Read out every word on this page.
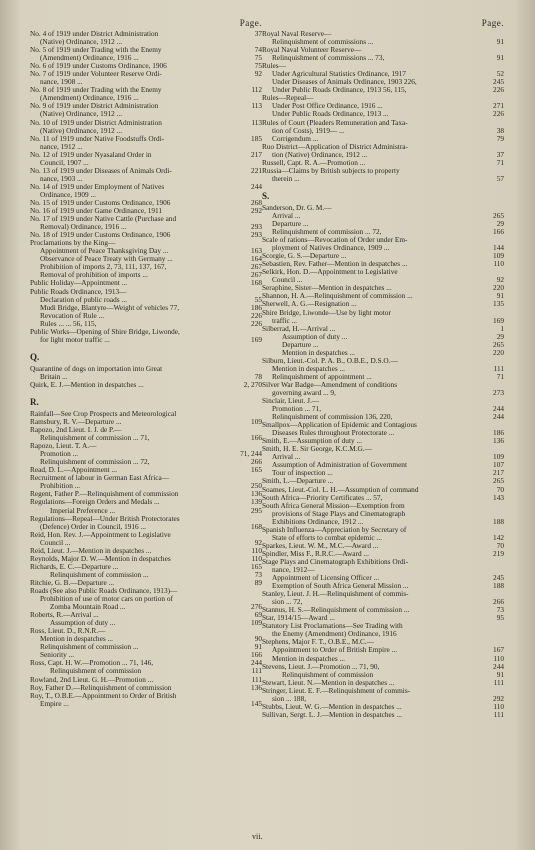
Page.
No. 4 of 1919 under District Administration	37
(Native) Ordinance, 1912 ...
No. 5 of 1919 under Trading with the Enemy	74
(Amendment) Ordinance, 1916 ...	75
No. 6 of 1919 under Customs Ordinance, 1906	75
No. 7 of 1919 under Volunteer Reserve Ordi-	92
nance, 1908 ...
No. 8 of 1919 under Trading with the Enemy	112
(Amendment) Ordinance, 1916 ...
No. 9 of 1919 under District Administration	113
(Native) Ordinance, 1912 ...
No. 10 of 1919 under District Administration	113
(Native) Ordinance, 1912 ...
No. 11 of 1919 under Native Foodstuffs Ordi-	185
nance, 1912 ...
No. 12 of 1919 under Nyasaland Order in	217
Council, 1907 ...
No. 13 of 1919 under Diseases of Animals Ordi-	221
nance, 1903 ...
No. 14 of 1919 under Employment of Natives	244
Ordinance, 1909 ...
No. 15 of 1919 under Customs Ordinance, 1906	268
No. 16 of 1919 under Game Ordinance, 1911	292
No. 17 of 1919 under Native Cattle (Purchase and
Removal) Ordinance, 1916 ...	293
No. 18 of 1919 under Customs Ordinance, 1906	293
Proclamations by the King—
Appointment of Peace Thanksgiving Day ...	163
Observance of Peace Treaty with Germany ...	164
Prohibition of imports 2, 73, 111, 137, 167,	267
Removal of prohibition of imports ...	267
Public Holiday—Appointment ...	168
Public Roads Ordinance, 1913—
Declaration of public roads ...	55
Mudi Bridge, Blantyre—Weight of vehicles 77,	186
Revocation of Rule ...	226
Rules ... ... 56, 115,	226
Public Works—Opening of Shire Bridge, Liwonde,
for light motor traffic ...	169
Q.
Quarantine of dogs on importation into Great
Britain ...	78
Quirk, E. J.—Mention in despatches ...	2, 270
R.
Rainfall—See Crop Prospects and Meteorological
Ramsbury, R. V.—Departure ...	109
Rapozo, 2nd Lieut. I. J. de P.—
Relinquishment of commission ... 71,	166
Rapozo, Lieut. T. A.—
Promotion ...	71, 244
Relinquishment of commission ... 72,	266
Read, D. L.—Appointment ...	165
Recruitment of labour in German East Africa—
Prohibition ...	250
Regent, Father P.—Relinquishment of commission	136
Regulations—Foreign Orders and Medals ...	139
Imperial Preference ...	295
Regulations—Repeal—Under British Protectorates
(Defence) Order in Council, 1916 ...	168
Reid, Hon. Rev. J.—Appointment to Legislative
Council ...	92
Reid, Lieut. J.—Mention in despatches ...	110
Reynolds, Major D. W.—Mention in despatches	110
Richards, E. C.—Departure ...	165
Relinquishment of commission ...	73
Ritchie, G. B.—Departure ...	89
Roads (See also Public Roads Ordinance, 1913)—
Prohibition of use of motor cars on portion of
Zomba Mountain Road ...	276
Roberts, R.—Arrival ...	69
Assumption of duty ...	109
Ross, Lieut. D., R.N.R.—
Mention in despatches ...	90
Relinquishment of commission ...	91
Seniority ...	166
Ross, Capt. H. W.—Promotion ... 71, 146,	244
Relinquishment of commission	111
Rowland, 2nd Lieut. G. H.—Promotion ...	111
Roy, Father D.—Relinquishment of commission	136
Roy, T., O.B.E.—Appointment to Order of British
Empire ...	145
Page.
Royal Naval Reserve—
Relinquishment of commissions ...	91
Royal Naval Volunteer Reserve—
Relinquishment of commissions ... 73,	91
Rules—
Under Agricultural Statistics Ordinance, 1917	52
Under Diseases of Animals Ordinance, 1903 226,	245
Under Public Roads Ordinance, 1913 56, 115,	226
Rules—Repeal—
Under Post Office Ordinance, 1916 ...	271
Under Public Roads Ordinance, 1913 ...	226
Rules of Court (Pleaders Remuneration and Taxa-
tion of Costs), 1919— ...	38
Corrigendum ...	79
Ruo District—Application of District Administra-
tion (Native) Ordinance, 1912 ...	37
Russell, Capt. R. A.—Promotion ...	71
Russia—Claims by British subjects to property
therein ...	57
S.
Sanderson, Dr. G. M.—
Arrival ...	265
Departure ...	29
Relinquishment of commission ... 72,	166
Scale of rations—Revocation of Order under Em-
ployment of Natives Ordinance, 1909 ...	144
Scorgie, G. S.—Departure ...	109
Sebastien, Rev. Father—Mention in despatches ...	110
Selkirk, Hon. D.—Appointment to Legislative
Council ...	92
Seraphine, Sister—Mention in despatches ...	220
Shannon, H. A.—Relinquishment of commission ...	91
Sherwell, A. G.—Resignation ...	135
Shire Bridge, Liwonde—Use by light motor
traffic ...	169
Silberrad, H.—Arrival ...	1
Assumption of duty ...	29
Departure ...	265
Mention in despatches ...	220
Silburn, Lieut.-Col. P. A. B., O.B.E., D.S.O.—
Mention in despatches ...	111
Relinquishment of appointment ...	71
Silver War Badge—Amendment of conditions
governing award ... 9,	273
Sinclair, Lieut. J.—
Promotion ... 71,	244
Relinquishment of commission 136, 220,	244
Smallpox—Application of Epidemic and Contagious
Diseases Rules throughout Protectorate ...	186
Smith, E.—Assumption of duty ...	136
Smith, H. E. Sir George, K.C.M.G.—
Arrival ...	109
Assumption of Administration of Government	107
Tour of inspection ...	217
Smith, L.—Departure ...	265
Soames, Lieut.-Col. L. H.—Assumption of command	70
South Africa—Priority Certificates ... 57,	143
South Africa General Mission—Exemption from
provisions of Stage Plays and Cinematograph
Exhibitions Ordinance, 1912 ...	188
Spanish Influenza—Appreciation by Secretary of
State of efforts to combat epidemic ...	142
Sparkes, Lieut. W. M., M.C.—Award ...	70
Spindler, Miss F., R.R.C.—Award ...	219
Stage Plays and Cinematograph Exhibitions Ordi-
nance, 1912—
Appointment of Licensing Officer ...	245
Exemption of South Africa General Mission ...	188
Stanley, Lieut. J. H.—Relinquishment of commis-
sion ... 72,	266
Stannus, H. S.—Relinquishment of commission ...	73
Star, 1914/15—Award ...	95
Statutory List Proclamations—See Trading with
the Enemy (Amendment) Ordinance, 1916
Stephens, Major F. T., O.B.E., M.C.—
Appointment to Order of British Empire ...	167
Mention in despatches ...	110
Stevens, Lieut. J.—Promotion ... 71, 90,	244
Relinquishment of commission	91
Stewart, Lieut. N.—Mention in despatches ...	111
Stringer, Lieut. E. F.—Relinquishment of commis-
sion ... 188,	292
Stubbs, Lieut. W. G.—Mention in despatches ...	110
Sullivan, Sergt. L. J.—Mention in despatches ...	111
vii.
